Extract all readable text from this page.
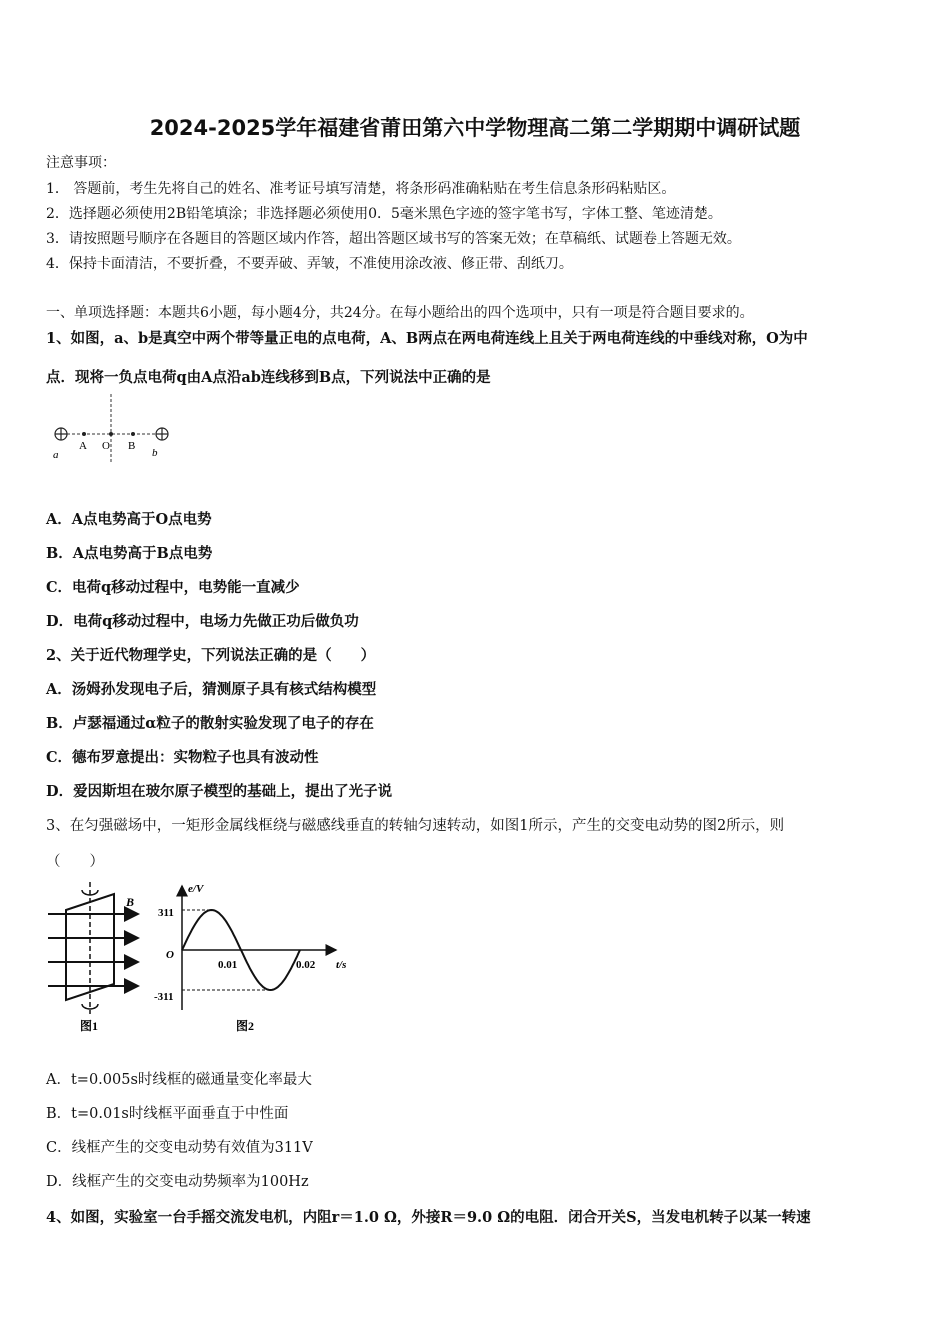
2024-2025学年福建省莆田第六中学物理高二第二学期期中调研试题
注意事项：
1． 答题前，考生先将自己的姓名、准考证号填写清楚，将条形码准确粘贴在考生信息条形码粘贴区。
2．选择题必须使用2B铅笔填涂；非选择题必须使用0．5毫米黑色字迹的签字笔书写，字体工整、笔迹清楚。
3．请按照题号顺序在各题目的答题区域内作答，超出答题区域书写的答案无效；在草稿纸、试题卷上答题无效。
4．保持卡面清洁，不要折叠，不要弄破、弄皱，不准使用涂改液、修正带、刮纸刀。
一、单项选择题：本题共6小题，每小题4分，共24分。在每小题给出的四个选项中，只有一项是符合题目要求的。
1、如图，a、b是真空中两个带等量正电的点电荷，A、B两点在两电荷连线上且关于两电荷连线的中垂线对称，O为中
点．现将一负点电荷q由A点沿ab连线移到B点，下列说法中正确的是
A O B
a	b
A．A点电势高于O点电势
B．A点电势高于B点电势
C．电荷q移动过程中，电势能一直减少
D．电荷q移动过程中，电场力先做正功后做负功
2、关于近代物理学史，下列说法正确的是（　　）
A．汤姆孙发现电子后，猜测原子具有核式结构模型
B．卢瑟福通过α粒子的散射实验发现了电子的存在
C．德布罗意提出：实物粒子也具有波动性
D．爱因斯坦在玻尔原子模型的基础上，提出了光子说
3、在匀强磁场中，一矩形金属线框绕与磁感线垂直的转轴匀速转动，如图1所示，产生的交变电动势的图2所示，则
（　　）
B
图1
e/V
t/s
O
311
-311
0.01	0.02
图2
A．t=0.005s时线框的磁通量变化率最大
B．t=0.01s时线框平面垂直于中性面
C．线框产生的交变电动势有效值为311V
D．线框产生的交变电动势频率为100Hz
4、如图，实验室一台手摇交流发电机，内阻r＝1.0 Ω，外接R＝9.0 Ω的电阻．闭合开关S，当发电机转子以某一转速
